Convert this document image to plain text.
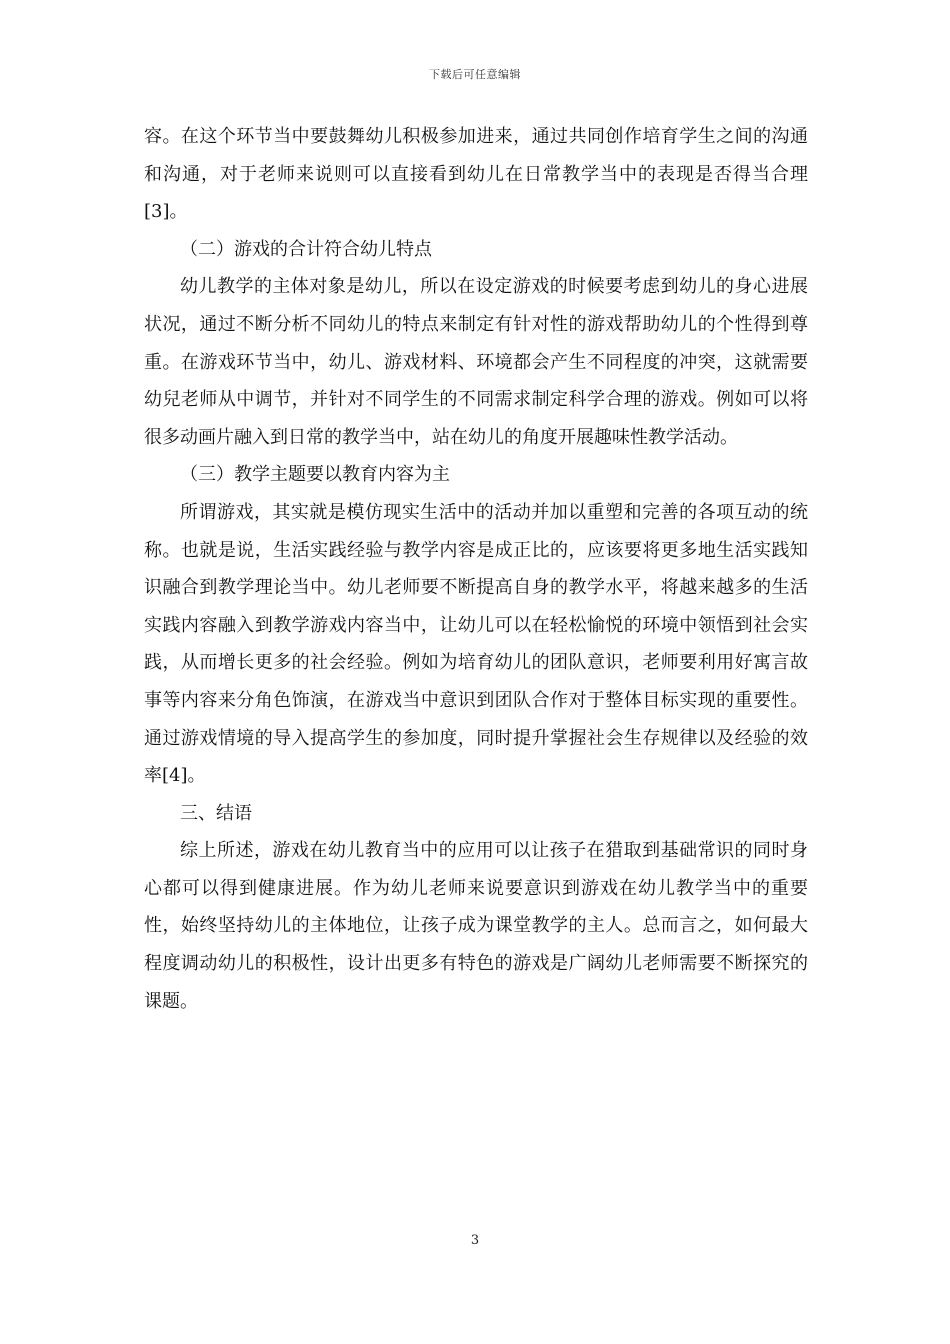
下载后可任意编辑

容。在这个环节当中要鼓舞幼儿积极参加进来，通过共同创作培育学生之间的沟通和沟通，对于老师来说则可以直接看到幼儿在日常教学当中的表现是否得当合理[3]。

（二）游戏的合计符合幼儿特点

幼儿教学的主体对象是幼儿，所以在设定游戏的时候要考虑到幼儿的身心进展状况，通过不断分析不同幼儿的特点来制定有针对性的游戏帮助幼儿的个性得到尊重。在游戏环节当中，幼儿、游戏材料、环境都会产生不同程度的冲突，这就需要幼兒老师从中调节，并针对不同学生的不同需求制定科学合理的游戏。例如可以将很多动画片融入到日常的教学当中，站在幼儿的角度开展趣味性教学活动。

（三）教学主题要以教育内容为主

所谓游戏，其实就是模仿现实生活中的活动并加以重塑和完善的各项互动的统称。也就是说，生活实践经验与教学内容是成正比的，应该要将更多地生活实践知识融合到教学理论当中。幼儿老师要不断提高自身的教学水平，将越来越多的生活实践内容融入到教学游戏内容当中，让幼儿可以在轻松愉悦的环境中领悟到社会实践，从而增长更多的社会经验。例如为培育幼儿的团队意识，老师要利用好寓言故事等内容来分角色饰演，在游戏当中意识到团队合作对于整体目标实现的重要性。通过游戏情境的导入提高学生的参加度，同时提升掌握社会生存规律以及经验的效率[4]。

三、结语

综上所述，游戏在幼儿教育当中的应用可以让孩子在猎取到基础常识的同时身心都可以得到健康进展。作为幼儿老师来说要意识到游戏在幼儿教学当中的重要性，始终坚持幼儿的主体地位，让孩子成为课堂教学的主人。总而言之，如何最大程度调动幼儿的积极性，设计出更多有特色的游戏是广阔幼儿老师需要不断探究的课题。

3
